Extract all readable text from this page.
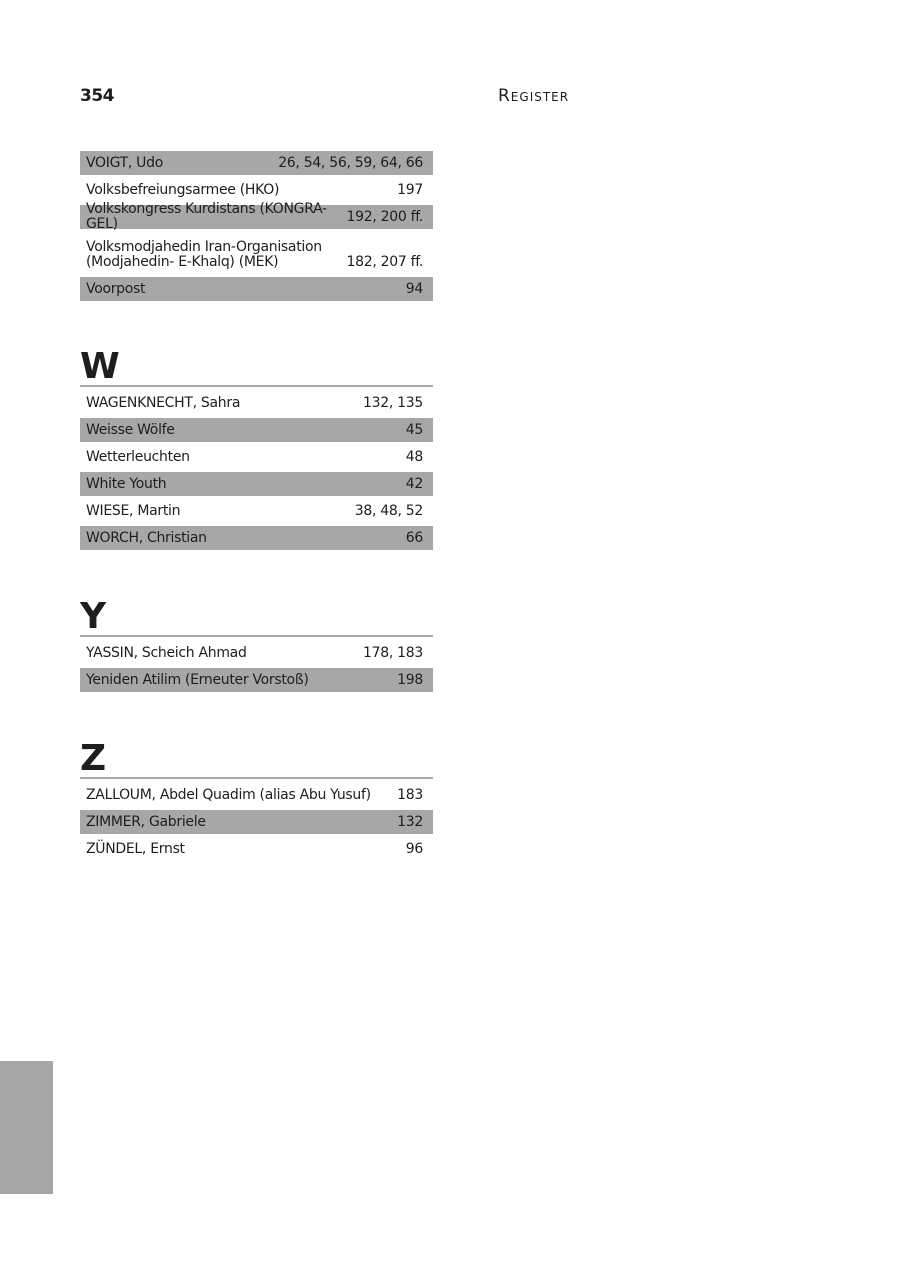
354	Register
VOIGT, Udo	26, 54, 56, 59, 64, 66
Volksbefreiungsarmee (HKO)	197
Volkskongress Kurdistans (KONGRA-GEL)	192, 200 ff.
Volksmodjahedin Iran-Organisation
(Modjahedin- E-Khalq) (MEK)	182, 207 ff.
Voorpost	94
W
WAGENKNECHT, Sahra	132, 135
Weisse Wölfe	45
Wetterleuchten	48
White Youth	42
WIESE, Martin	38, 48, 52
WORCH, Christian	66
Y
YASSIN, Scheich Ahmad	178, 183
Yeniden Atilim (Erneuter Vorstoß)	198
Z
ZALLOUM, Abdel Quadim (alias Abu Yusuf) 183
ZIMMER, Gabriele	132
ZÜNDEL, Ernst	96
